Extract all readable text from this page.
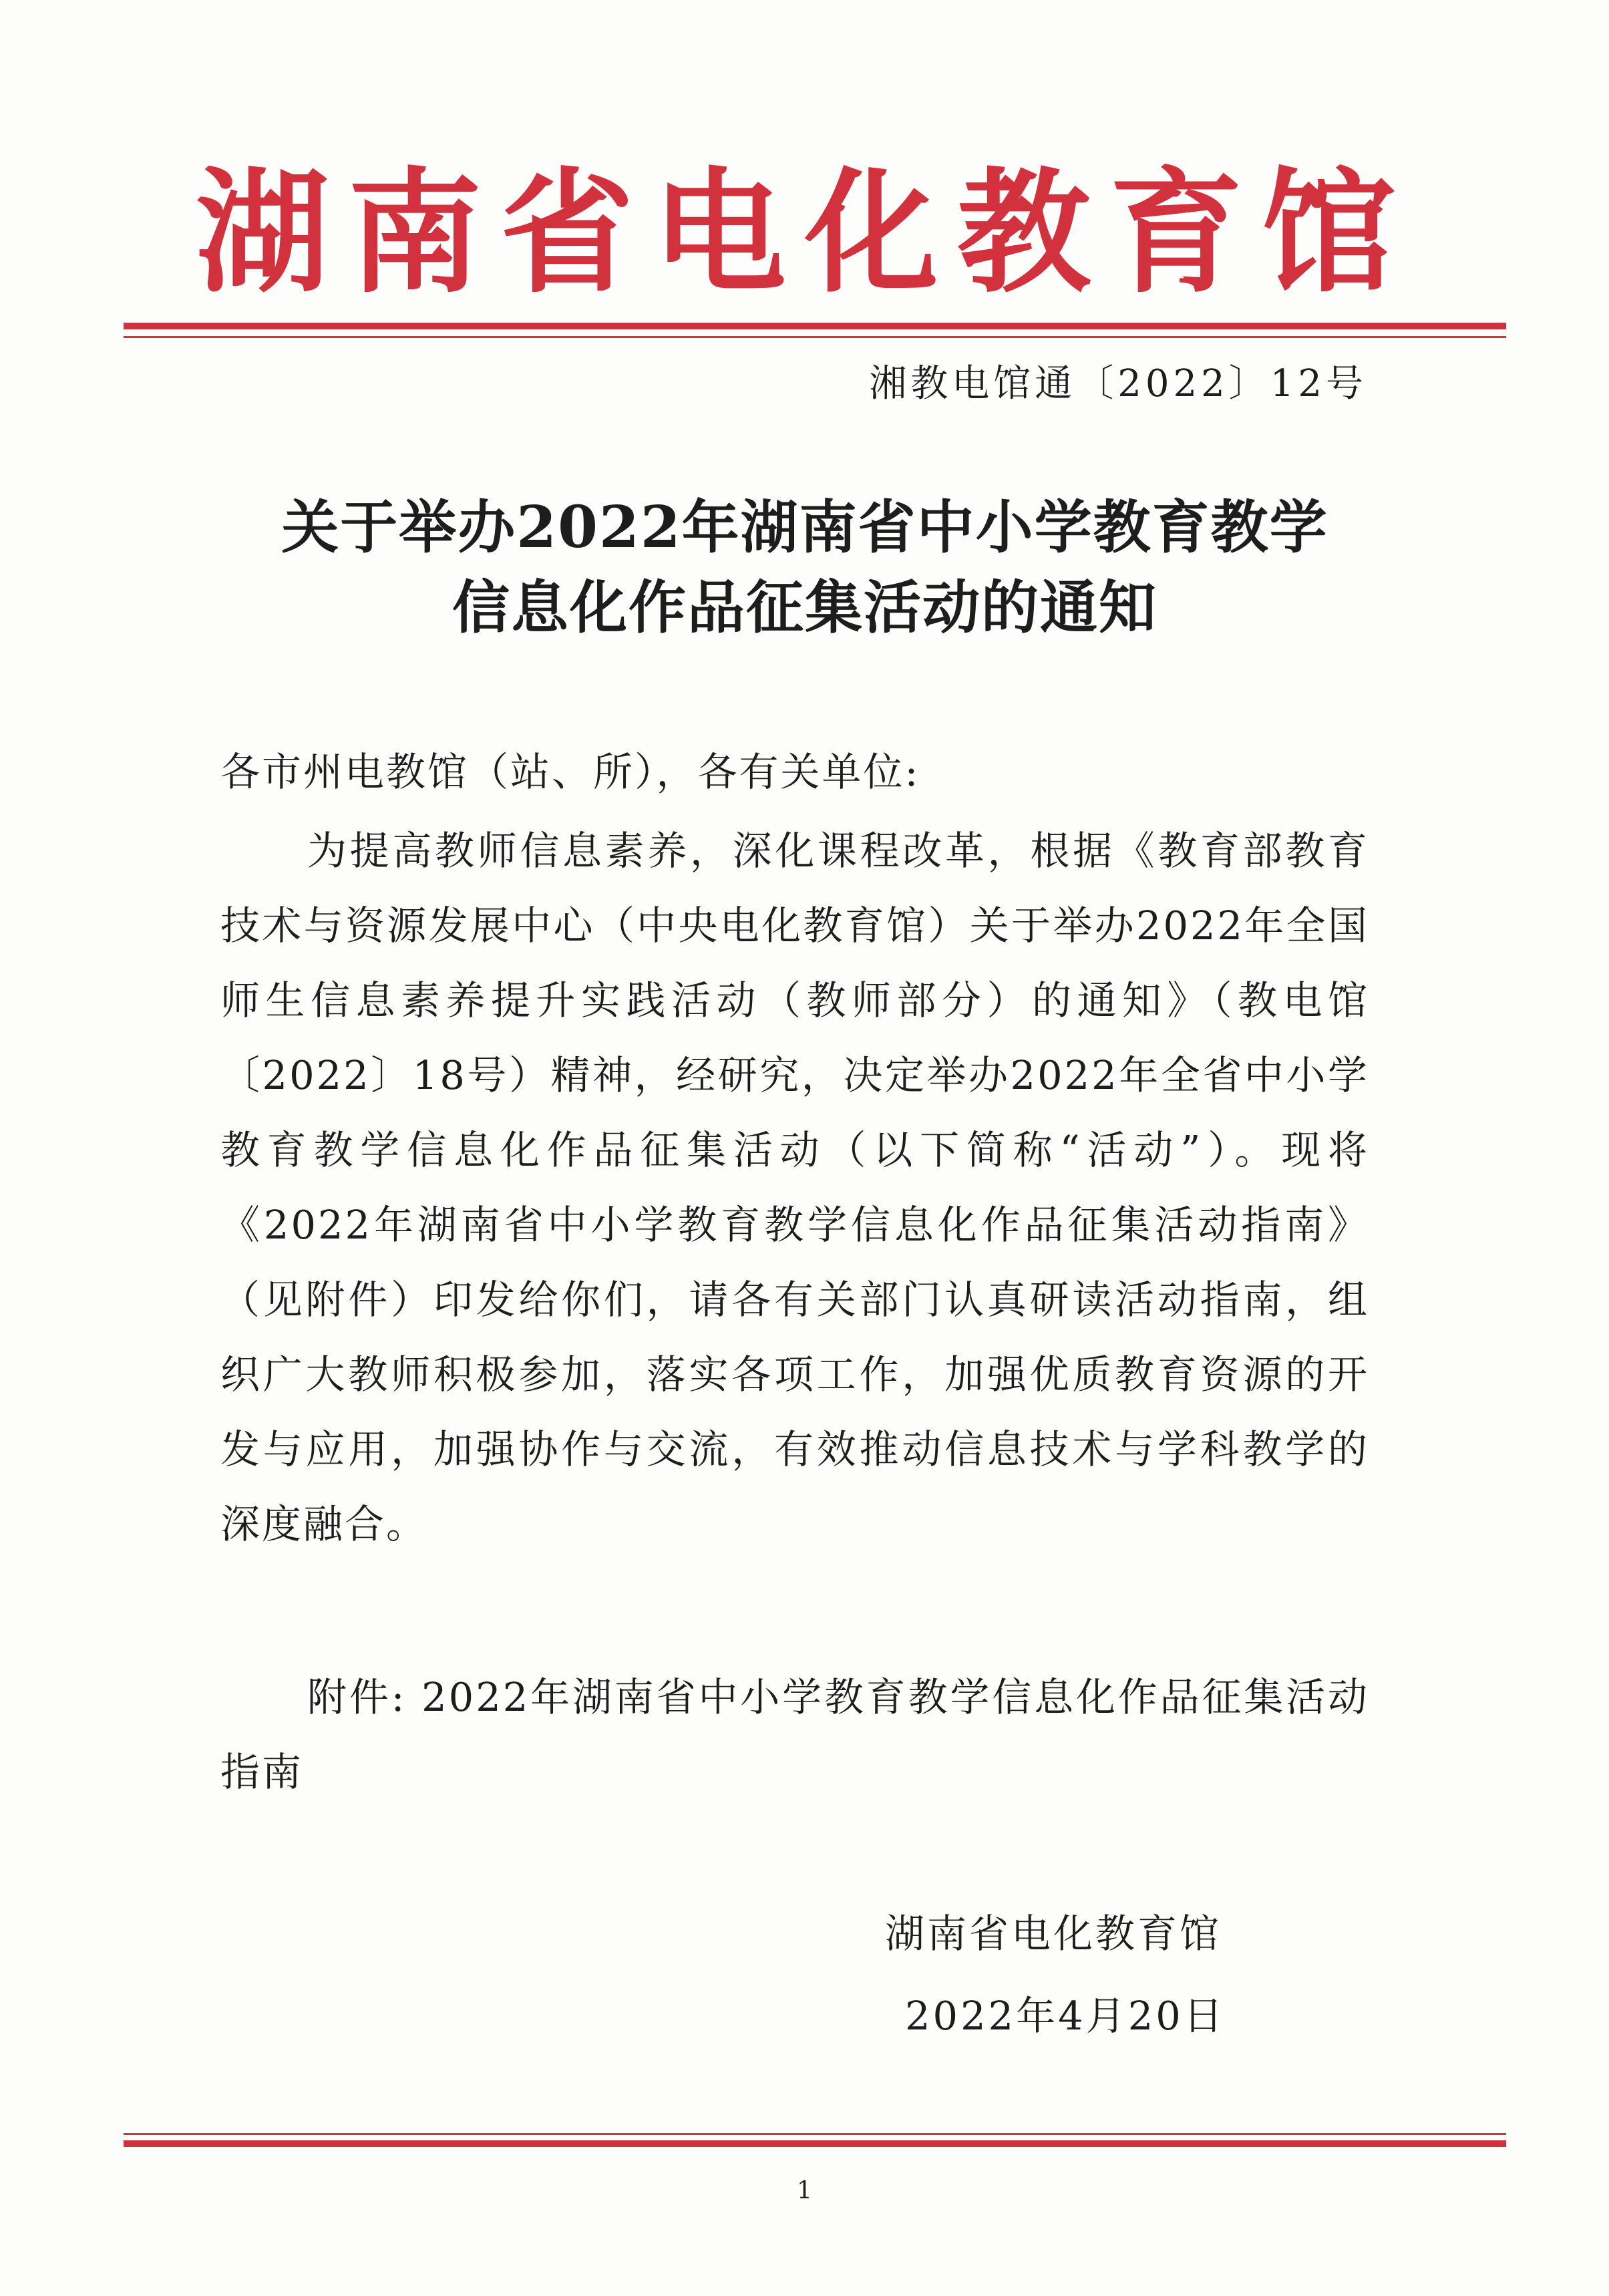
湖南省电化教育馆
湘教电馆通〔2022〕12号
关于举办2022年湖南省中小学教育教学
信息化作品征集活动的通知
各市州电教馆（站、所），各有关单位:
为提高教师信息素养，深化课程改革，根据《教育部教育技术与资源发展中心（中央电化教育馆）关于举办2022年全国师生信息素养提升实践活动（教师部分）的通知》（教电馆〔2022〕18号）精神，经研究，决定举办2022年全省中小学教育教学信息化作品征集活动（以下简称“活动”）。现将《2022年湖南省中小学教育教学信息化作品征集活动指南》（见附件）印发给你们，请各有关部门认真研读活动指南，组织广大教师积极参加，落实各项工作，加强优质教育资源的开发与应用，加强协作与交流，有效推动信息技术与学科教学的深度融合。
附件: 2022年湖南省中小学教育教学信息化作品征集活动指南
湖南省电化教育馆
2022年4月20日
1
